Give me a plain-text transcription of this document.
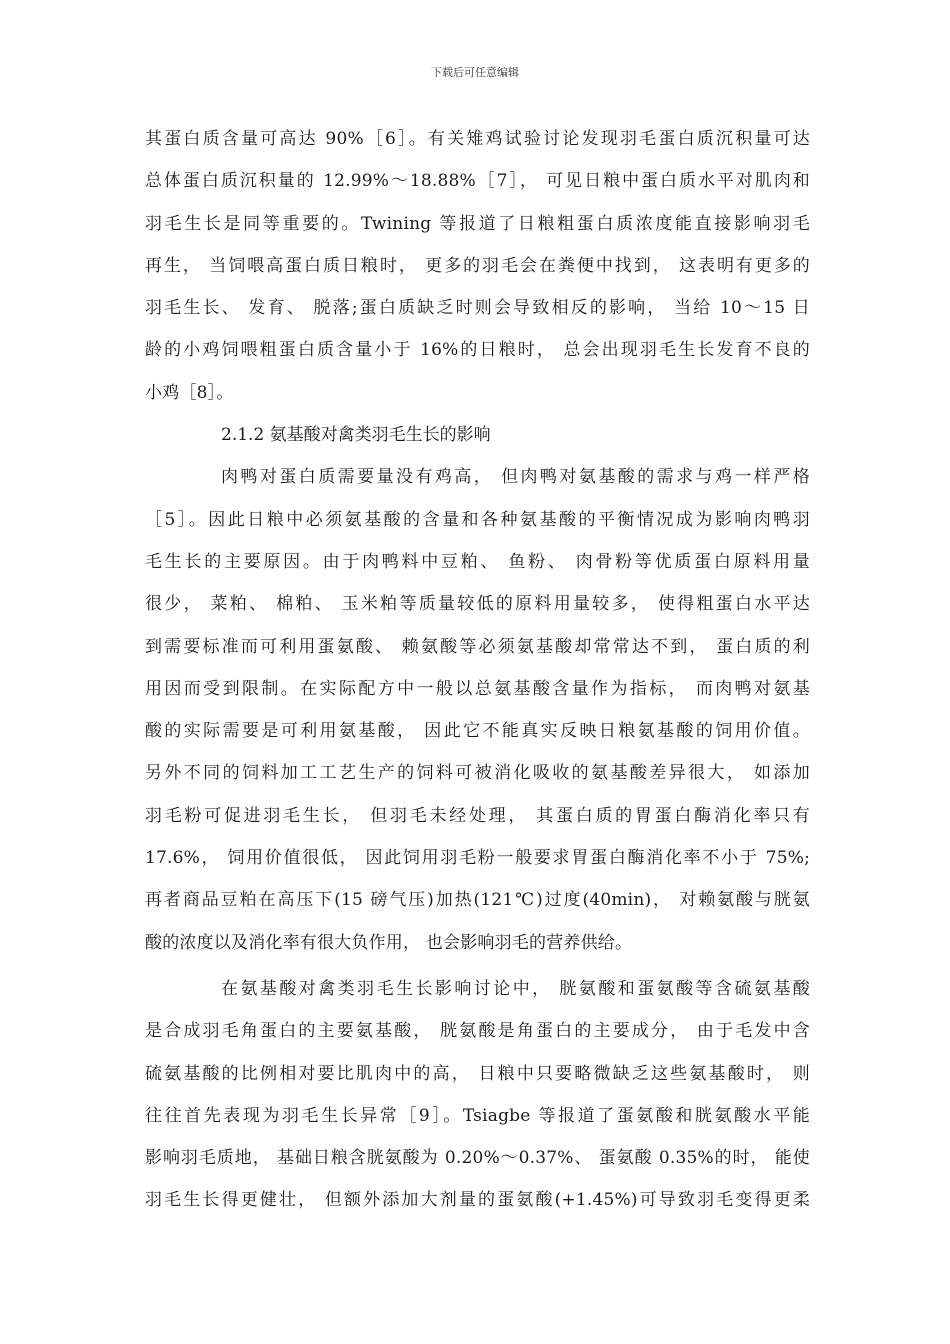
下载后可任意编辑
其蛋白质含量可高达 90%［6］。有关雉鸡试验讨论发现羽毛蛋白质沉积量可达
总体蛋白质沉积量的 12.99%～18.88%［7］， 可见日粮中蛋白质水平对肌肉和
羽毛生长是同等重要的。Twining 等报道了日粮粗蛋白质浓度能直接影响羽毛
再生， 当饲喂高蛋白质日粮时， 更多的羽毛会在粪便中找到， 这表明有更多的
羽毛生长、 发育、 脱落;蛋白质缺乏时则会导致相反的影响， 当给 10～15 日
龄的小鸡饲喂粗蛋白质含量小于 16%的日粮时， 总会出现羽毛生长发育不良的
小鸡［8］。
2.1.2 氨基酸对禽类羽毛生长的影响
肉鸭对蛋白质需要量没有鸡高， 但肉鸭对氨基酸的需求与鸡一样严格
［5］。因此日粮中必须氨基酸的含量和各种氨基酸的平衡情况成为影响肉鸭羽
毛生长的主要原因。由于肉鸭料中豆粕、 鱼粉、 肉骨粉等优质蛋白原料用量
很少， 菜粕、 棉粕、 玉米粕等质量较低的原料用量较多， 使得粗蛋白水平达
到需要标准而可利用蛋氨酸、 赖氨酸等必须氨基酸却常常达不到， 蛋白质的利
用因而受到限制。在实际配方中一般以总氨基酸含量作为指标， 而肉鸭对氨基
酸的实际需要是可利用氨基酸， 因此它不能真实反映日粮氨基酸的饲用价值。
另外不同的饲料加工工艺生产的饲料可被消化吸收的氨基酸差异很大， 如添加
羽毛粉可促进羽毛生长， 但羽毛未经处理， 其蛋白质的胃蛋白酶消化率只有
17.6%， 饲用价值很低， 因此饲用羽毛粉一般要求胃蛋白酶消化率不小于 75%;
再者商品豆粕在高压下(15 磅气压)加热(121℃)过度(40min)， 对赖氨酸与胱氨
酸的浓度以及消化率有很大负作用， 也会影响羽毛的营养供给。
在氨基酸对禽类羽毛生长影响讨论中， 胱氨酸和蛋氨酸等含硫氨基酸
是合成羽毛角蛋白的主要氨基酸， 胱氨酸是角蛋白的主要成分， 由于毛发中含
硫氨基酸的比例相对要比肌肉中的高， 日粮中只要略微缺乏这些氨基酸时， 则
往往首先表现为羽毛生长异常［9］。Tsiagbe 等报道了蛋氨酸和胱氨酸水平能
影响羽毛质地， 基础日粮含胱氨酸为 0.20%～0.37%、 蛋氨酸 0.35%的时， 能使
羽毛生长得更健壮， 但额外添加大剂量的蛋氨酸(+1.45%)可导致羽毛变得更柔
